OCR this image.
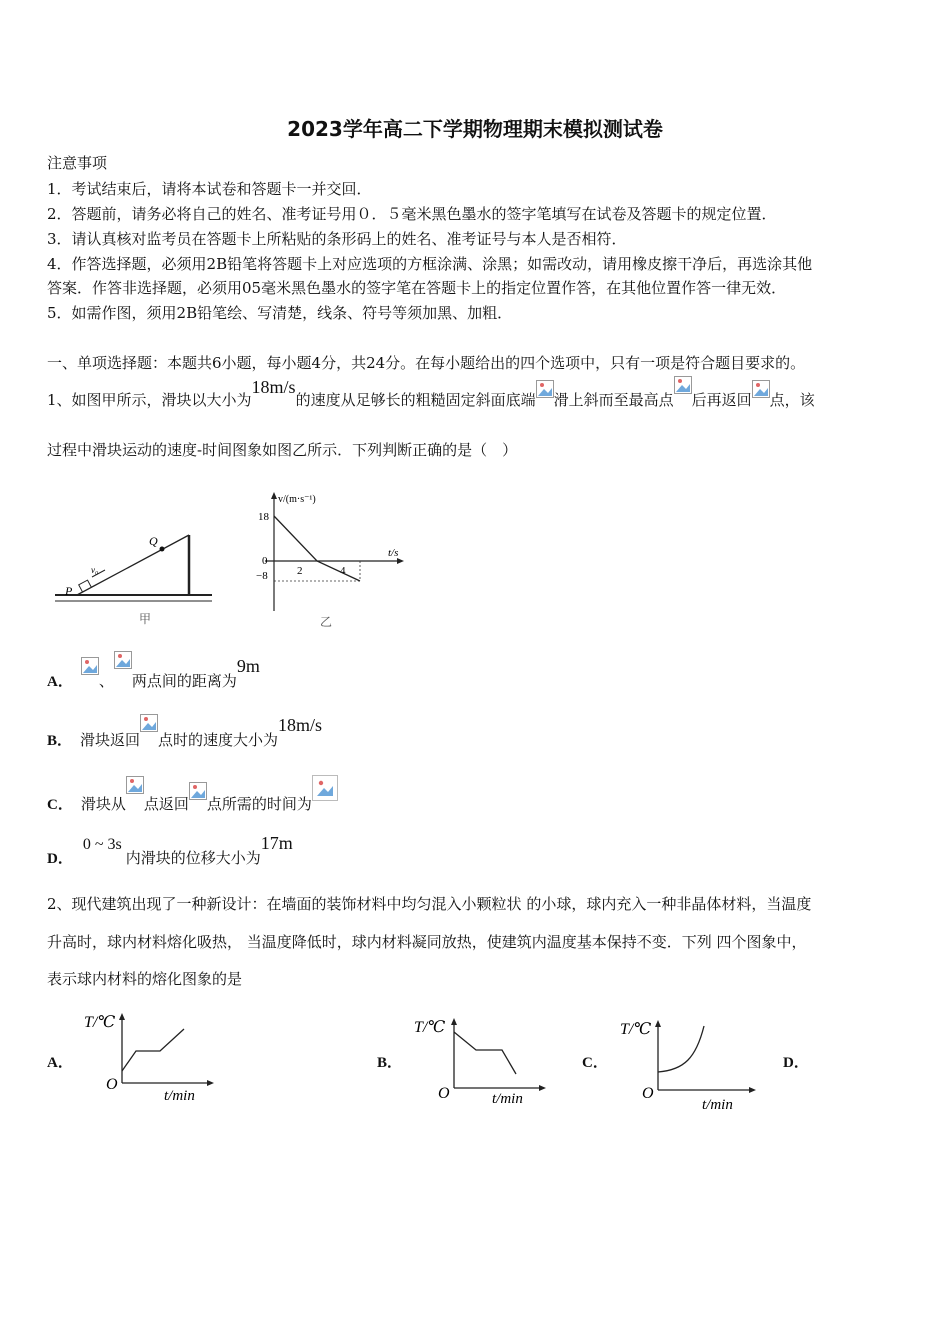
2023学年高二下学期物理期末模拟测试卷
注意事项
1．考试结束后，请将本试卷和答题卡一并交回．
2．答题前，请务必将自己的姓名、准考证号用０．５毫米黑色墨水的签字笔填写在试卷及答题卡的规定位置．
3．请认真核对监考员在答题卡上所粘贴的条形码上的姓名、准考证号与本人是否相符．
4．作答选择题，必须用2B铅笔将答题卡上对应选项的方框涂满、涂黑；如需改动，请用橡皮擦干净后，再选涂其他
答案．作答非选择题，必须用05毫米黑色墨水的签字笔在答题卡上的指定位置作答，在其他位置作答一律无效．
5．如需作图，须用2B铅笔绘、写清楚，线条、符号等须加黑、加粗．
一、单项选择题：本题共6小题，每小题4分，共24分。在每小题给出的四个选项中，只有一项是符合题目要求的。
1、如图甲所示，滑块以大小为18m/s的速度从足够长的粗糙固定斜面底端 滑上斜而至最高点 后再返回 点，该
过程中滑块运动的速度-时间图象如图乙所示．下列判断正确的是（　）
Q
P
v₀
甲
v/(m·s⁻¹)
t/s
18
0
−8	2	4
乙
A． 、 两点间的距离为9m
B． 滑块返回 点时的速度大小为18m/s
C． 滑块从 点返回 点所需的时间为
D．0 ~ 3s内滑块的位移大小为17m
2、现代建筑出现了一种新设计：在墙面的装饰材料中均匀混入小颗粒状 的小球，球内充入一种非晶体材料，当温度
升高时，球内材料熔化吸热， 当温度降低时，球内材料凝同放热，使建筑内温度基本保持不变．下列 四个图象中，
表示球内材料的熔化图象的是
A．	B．	C．	D．
T/℃
O
t/min
T/℃
O	t/min
T/℃
O
t/min
